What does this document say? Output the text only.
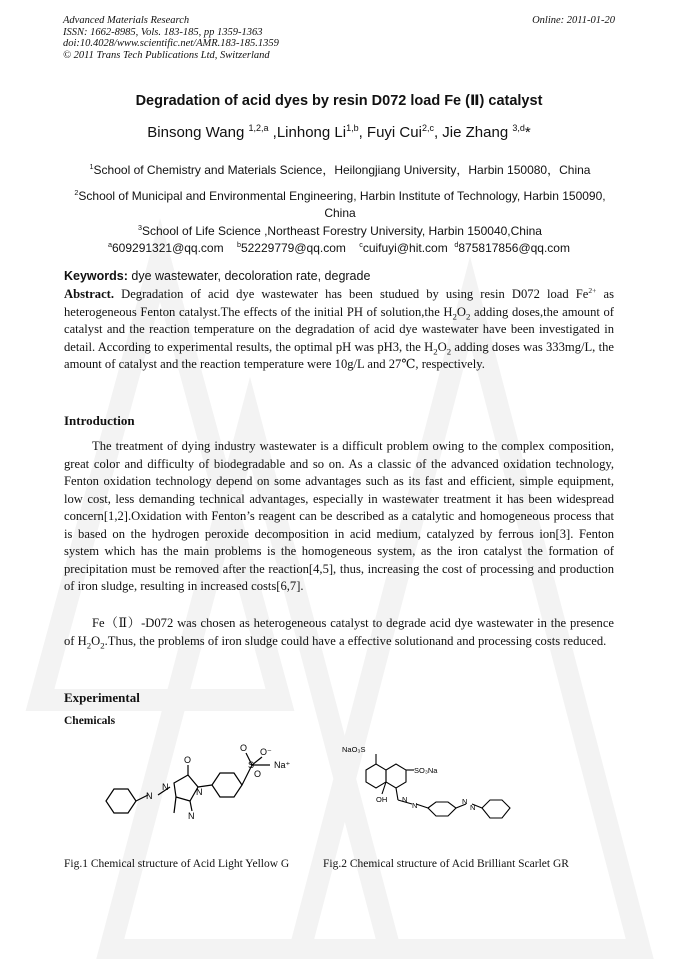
Advanced Materials Research
ISSN: 1662-8985, Vols. 183-185, pp 1359-1363
doi:10.4028/www.scientific.net/AMR.183-185.1359
© 2011 Trans Tech Publications Ltd, Switzerland
Online: 2011-01-20
Degradation of acid dyes by resin D072 load Fe (Ⅱ) catalyst
Binsong Wang $^{1,2,a}$ ,Linhong Li$^{1,b}$, Fuyi Cui$^{2,c}$, Jie Zhang $^{3,d}$*
$^1$School of Chemistry and Materials Science，Heilongjiang University，Harbin 150080，China
$^2$School of Municipal and Environmental Engineering, Harbin Institute of Technology, Harbin 150090, China
$^3$School of Life Science ,Northeast Forestry University, Harbin 150040,China
$^a$609291321@qq.com $^b$52229779@qq.com $^c$cuifuyi@hit.com $^d$875817856@qq.com
Keywords: dye wastewater, decoloration rate, degrade
Abstract. Degradation of acid dye wastewater has been studued by using resin D072 load $Fe^{2+}$ as heterogeneous Fenton catalyst.The effects of the initial PH of solution,the $H_2O_2$ adding doses,the amount of catalyst and the reaction temperature on the degradation of acid dye wastewater have been investigated in detail. According to experimental results, the optimal pH was pH3, the $H_2O_2$ adding doses was 333mg/L, the amount of catalyst and the reaction temperature were 10g/L and 27℃, respectively.
Introduction
The treatment of dying industry wastewater is a difficult problem owing to the complex composition, great color and difficulty of biodegradable and so on. As a classic of the advanced oxidation technology, Fenton oxidation technology depend on some advantages such as its fast and efficient, simple equipment, low cost, less demanding technical advantages, especially in wastewater treatment it has been widespread concern[1,2].Oxidation with Fenton’s reagent can be described as a catalytic and homogeneous process that is based on the hydrogen peroxide decomposition in acid medium, catalyzed by ferrous ion[3]. Fenton system which has the main problems is the homogeneous system, as the iron catalyst the formation of precipitation must be removed after the reaction[4,5], thus, increasing the cost of processing and production of iron sludge, resulting in increased costs[6,7].
Fe（Ⅱ）-D072 was chosen as heterogeneous catalyst to degrade acid dye wastewater in the presence of $H_2O_2.Thus$, the problems of iron sludge could have a effective solutionand and processing costs reduced.
Experimental
Chemicals
N
N
O
N
N
S
O O⁻
O
Na⁺
NaO₃S
SO₃Na
N
N	N
N
OH
Fig.1 Chemical structure of Acid Light Yellow G	Fig.2 Chemical structure of Acid Brilliant Scarlet GR
